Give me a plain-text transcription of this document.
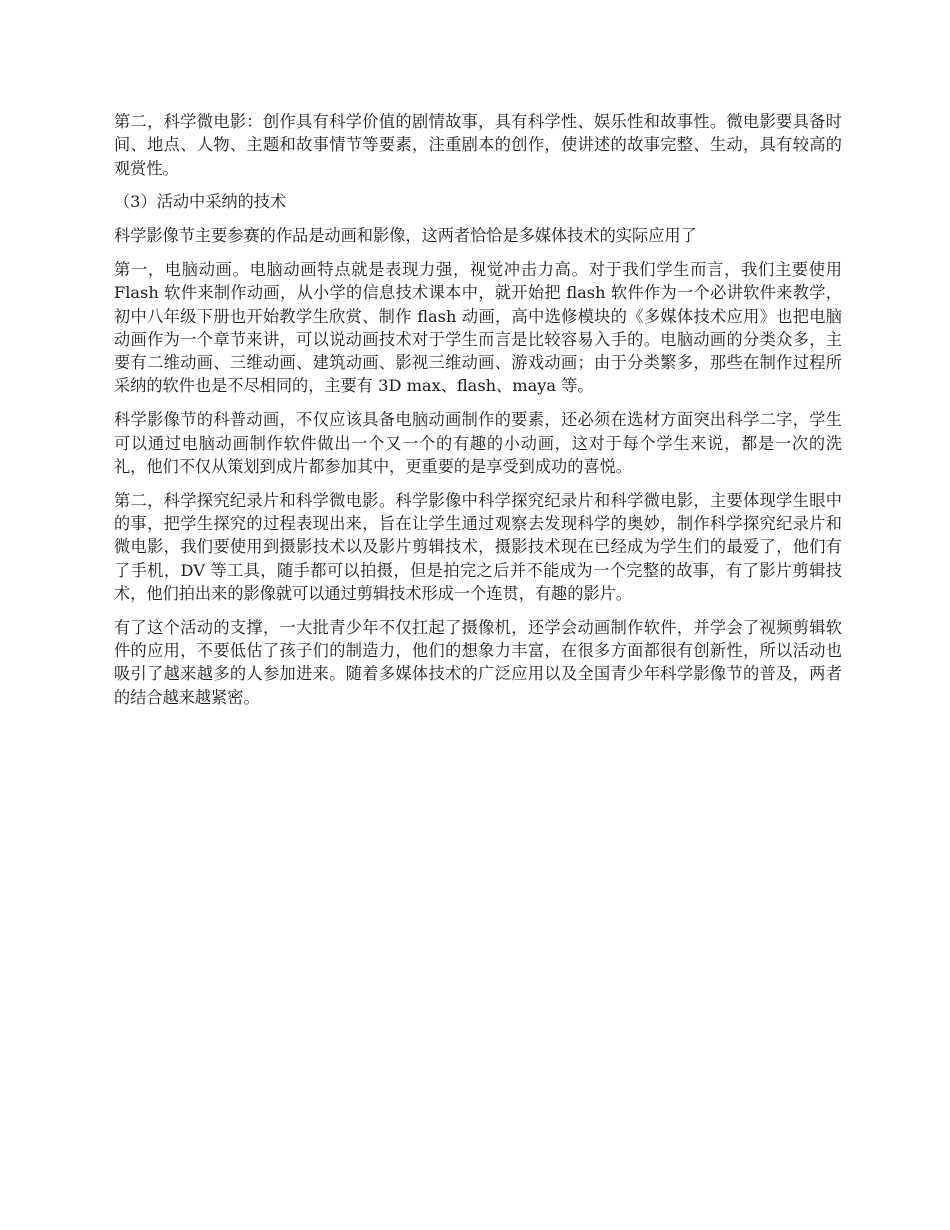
第二，科学微电影：创作具有科学价值的剧情故事，具有科学性、娱乐性和故事性。微电影要具备时间、地点、人物、主题和故事情节等要素，注重剧本的创作，使讲述的故事完整、生动，具有较高的观赏性。

（3）活动中采纳的技术

科学影像节主要参赛的作品是动画和影像，这两者恰恰是多媒体技术的实际应用了

第一，电脑动画。电脑动画特点就是表现力强，视觉冲击力高。对于我们学生而言，我们主要使用 Flash 软件来制作动画，从小学的信息技术课本中，就开始把 flash 软件作为一个必讲软件来教学，初中八年级下册也开始教学生欣赏、制作 flash 动画，高中选修模块的《多媒体技术应用》也把电脑动画作为一个章节来讲，可以说动画技术对于学生而言是比较容易入手的。电脑动画的分类众多，主要有二维动画、三维动画、建筑动画、影视三维动画、游戏动画；由于分类繁多，那些在制作过程所采纳的软件也是不尽相同的，主要有 3D max、flash、maya 等。

科学影像节的科普动画，不仅应该具备电脑动画制作的要素，还必须在选材方面突出科学二字，学生可以通过电脑动画制作软件做出一个又一个的有趣的小动画，这对于每个学生来说，都是一次的洗礼，他们不仅从策划到成片都参加其中，更重要的是享受到成功的喜悦。

第二，科学探究纪录片和科学微电影。科学影像中科学探究纪录片和科学微电影，主要体现学生眼中的事，把学生探究的过程表现出来，旨在让学生通过观察去发现科学的奥妙，制作科学探究纪录片和微电影，我们要使用到摄影技术以及影片剪辑技术，摄影技术现在已经成为学生们的最爱了，他们有了手机，DV 等工具，随手都可以拍摄，但是拍完之后并不能成为一个完整的故事，有了影片剪辑技术，他们拍出来的影像就可以通过剪辑技术形成一个连贯，有趣的影片。

有了这个活动的支撑，一大批青少年不仅扛起了摄像机，还学会动画制作软件，并学会了视频剪辑软件的应用，不要低估了孩子们的制造力，他们的想象力丰富，在很多方面都很有创新性，所以活动也吸引了越来越多的人参加进来。随着多媒体技术的广泛应用以及全国青少年科学影像节的普及，两者的结合越来越紧密。
